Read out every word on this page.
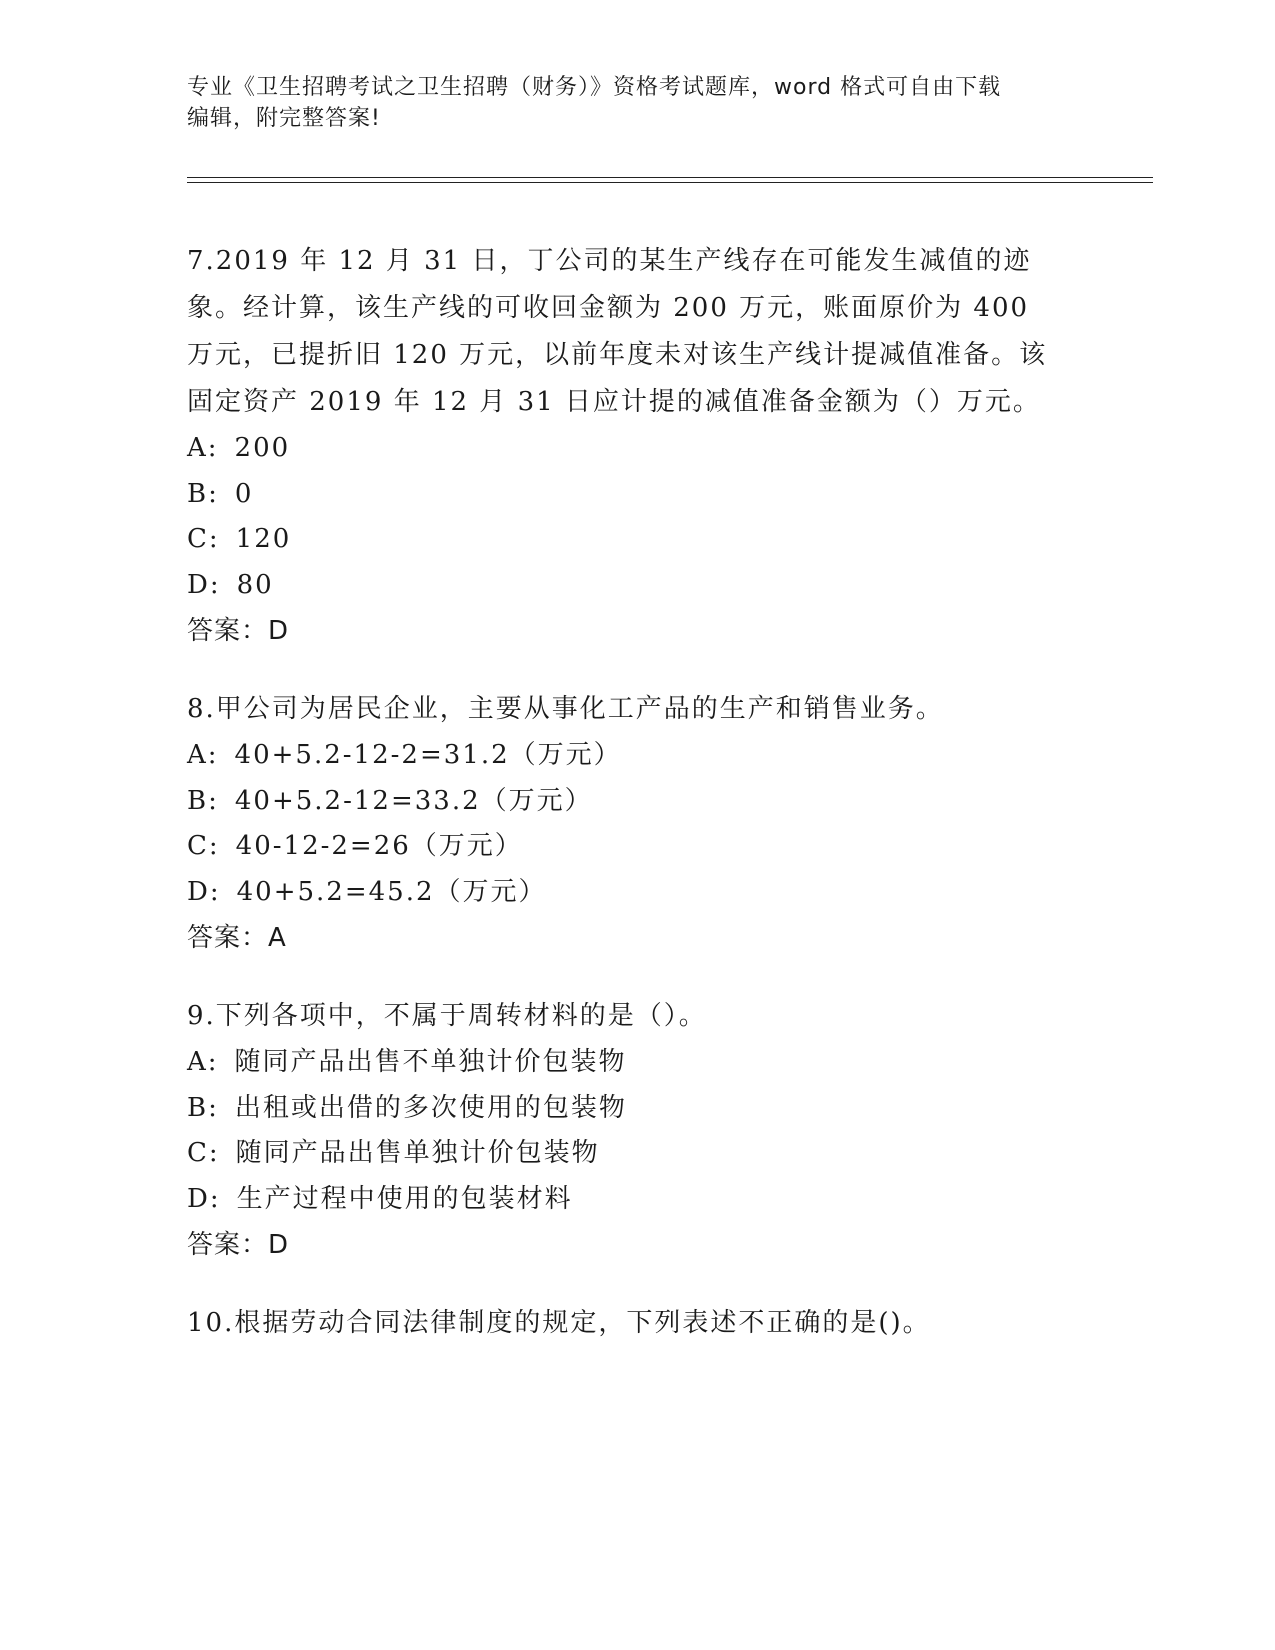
专业《卫生招聘考试之卫生招聘（财务）》资格考试题库，word 格式可自由下载
编辑，附完整答案!

7.2019 年 12 月 31 日，丁公司的某生产线存在可能发生减值的迹象。经计算，该生产线的可收回金额为 200 万元，账面原价为 400 万元，已提折旧 120 万元，以前年度未对该生产线计提减值准备。该固定资产 2019 年 12 月 31 日应计提的减值准备金额为（）万元。

A: 200

B: 0

C: 120

D: 80

答案：D

8.甲公司为居民企业，主要从事化工产品的生产和销售业务。

A: 40+5.2-12-2=31.2（万元）

B: 40+5.2-12=33.2（万元）

C: 40-12-2=26（万元）

D: 40+5.2=45.2（万元）

答案：A

9.下列各项中，不属于周转材料的是（）。

A: 随同产品出售不单独计价包装物

B: 出租或出借的多次使用的包装物

C: 随同产品出售单独计价包装物

D: 生产过程中使用的包装材料

答案：D

10.根据劳动合同法律制度的规定，下列表述不正确的是()。
